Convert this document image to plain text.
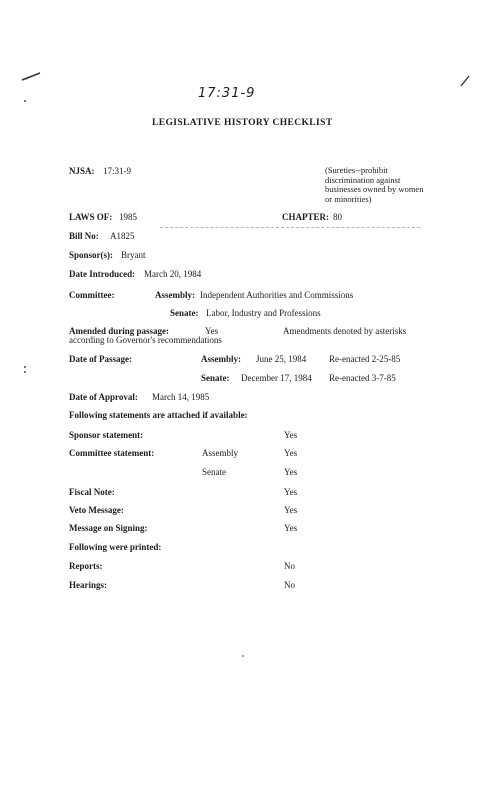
17:31-9
LEGISLATIVE HISTORY CHECKLIST
NJSA: 17:31-9	(Sureties--prohibit discrimination against businesses owned by women or minorities)
LAWS OF: 1985	CHAPTER: 80
Bill No: A1825
Sponsor(s): Bryant
Date Introduced: March 20, 1984
Committee:	Assembly: Independent Authorities and Commissions
Senate: Labor, Industry and Professions
Amended during passage:	Yes	Amendments denoted by asterisks
according to Governor's recommendations
Date of Passage:	Assembly: June 25, 1984	Re-enacted 2-25-85
Senate: December 17, 1984 Re-enacted 3-7-85
Date of Approval: March 14, 1985
Following statements are attached if available:
Sponsor statement:	Yes
Committee statement:	Assembly	Yes
Senate	Yes
Fiscal Note:	Yes
Veto Message:	Yes
Message on Signing:	Yes
Following were printed:
Reports:	No
Hearings:	No
